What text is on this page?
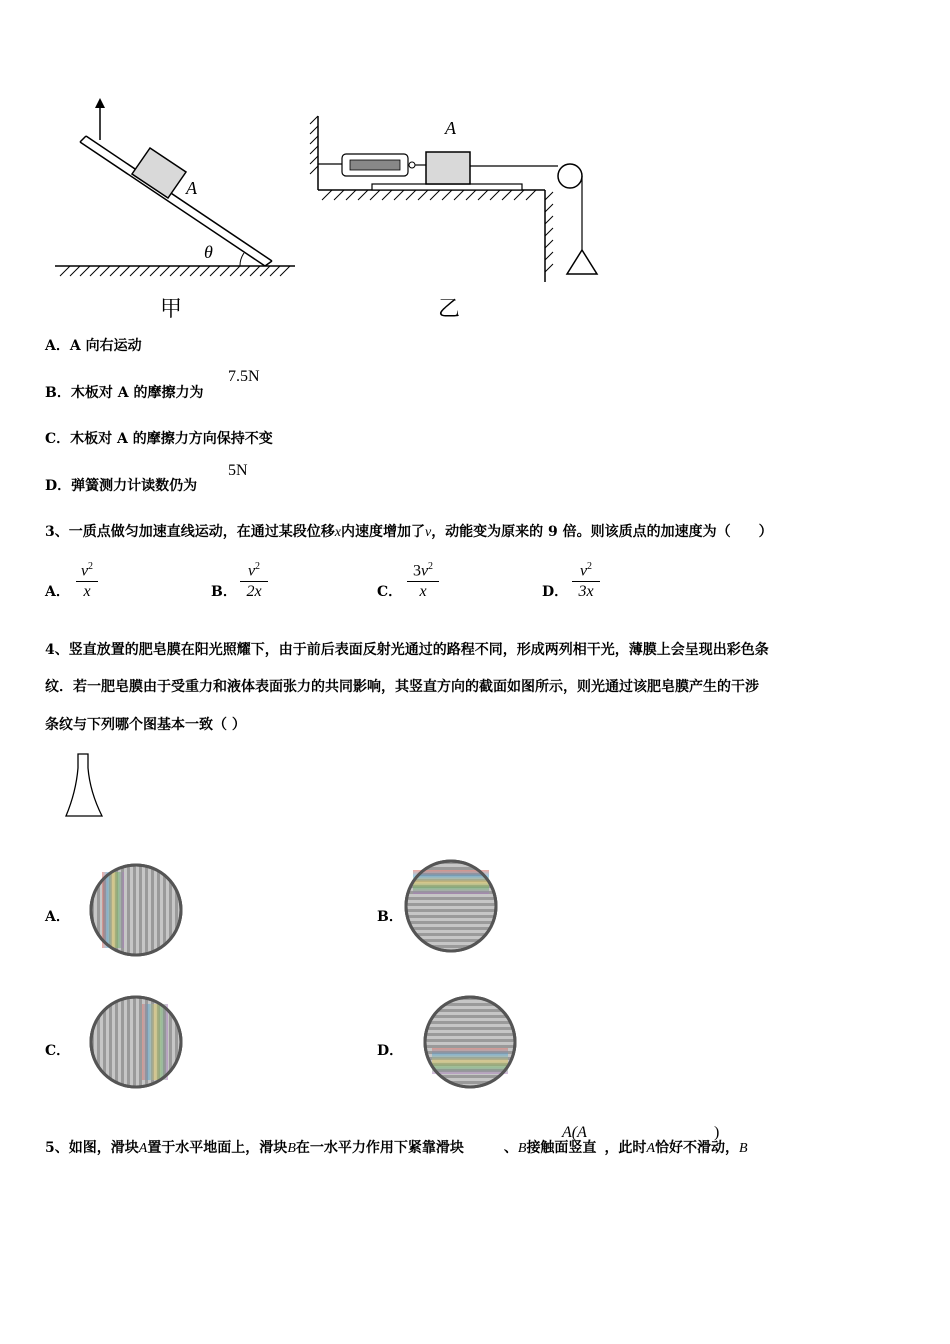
A
θ
甲
A
乙
A．A 向右运动
B．木板对 A 的摩擦力为
7.5N
C．木板对 A 的摩擦力方向保持不变
D．弹簧测力计读数仍为
5N
3、一质点做匀加速直线运动，在通过某段位移x内速度增加了v，动能变为原来的 9 倍。则该质点的加速度为（　　）
A．
$v^2$
x	B．
$v^2$
2x	C．
$3v^2$
x	D．
$v^2$
3x
4、竖直放置的肥皂膜在阳光照耀下，由于前后表面反射光通过的路程不同，形成两列相干光，薄膜上会呈现出彩色条
纹．若一肥皂膜由于受重力和液体表面张力的共同影响，其竖直方向的截面如图所示，则光通过该肥皂膜产生的干涉
条纹与下列哪个图基本一致（ ）
A．	B．
C．	D．
5、如图，滑块A置于水平地面上，滑块B在一水平力作用下紧靠滑块	、B接触面竖直 ，此时A恰好不滑动，B
A(A	)
